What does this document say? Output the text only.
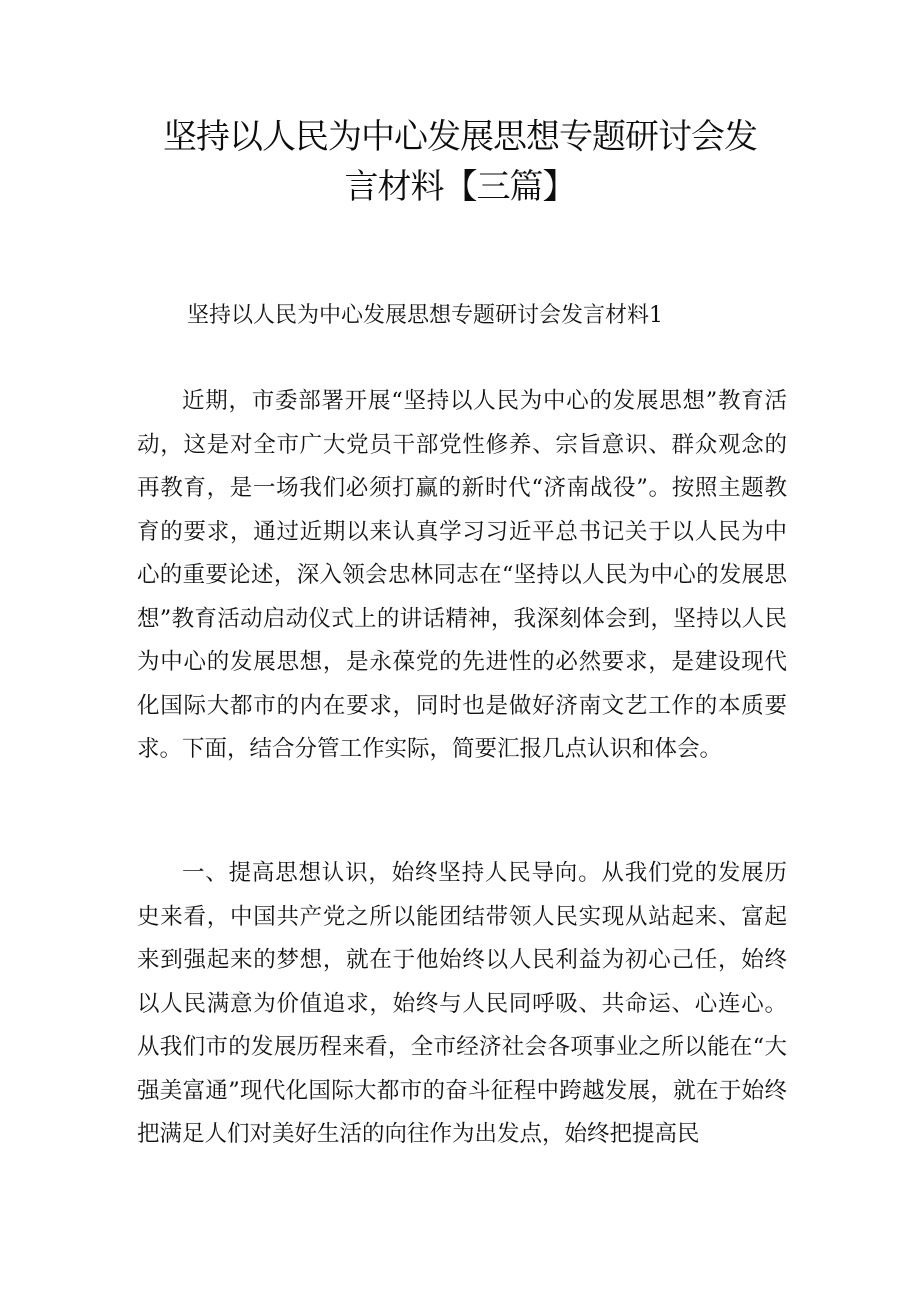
坚持以人民为中心发展思想专题研讨会发
言材料【三篇】
坚持以人民为中心发展思想专题研讨会发言材料1

近期，市委部署开展“坚持以人民为中心的发展思想”教育活动，这是对全市广大党员干部党性修养、宗旨意识、群众观念的再教育，是一场我们必须打赢的新时代“济南战役”。按照主题教育的要求，通过近期以来认真学习习近平总书记关于以人民为中心的重要论述，深入领会忠林同志在“坚持以人民为中心的发展思想”教育活动启动仪式上的讲话精神，我深刻体会到，坚持以人民为中心的发展思想，是永葆党的先进性的必然要求，是建设现代化国际大都市的内在要求，同时也是做好济南文艺工作的本质要求。下面，结合分管工作实际，简要汇报几点认识和体会。

一、提高思想认识，始终坚持人民导向。从我们党的发展历史来看，中国共产党之所以能团结带领人民实现从站起来、富起来到强起来的梦想，就在于他始终以人民利益为初心己任，始终以人民满意为价值追求，始终与人民同呼吸、共命运、心连心。从我们市的发展历程来看，全市经济社会各项事业之所以能在“大强美富通”现代化国际大都市的奋斗征程中跨越发展，就在于始终把满足人们对美好生活的向往作为出发点，始终把提高民
